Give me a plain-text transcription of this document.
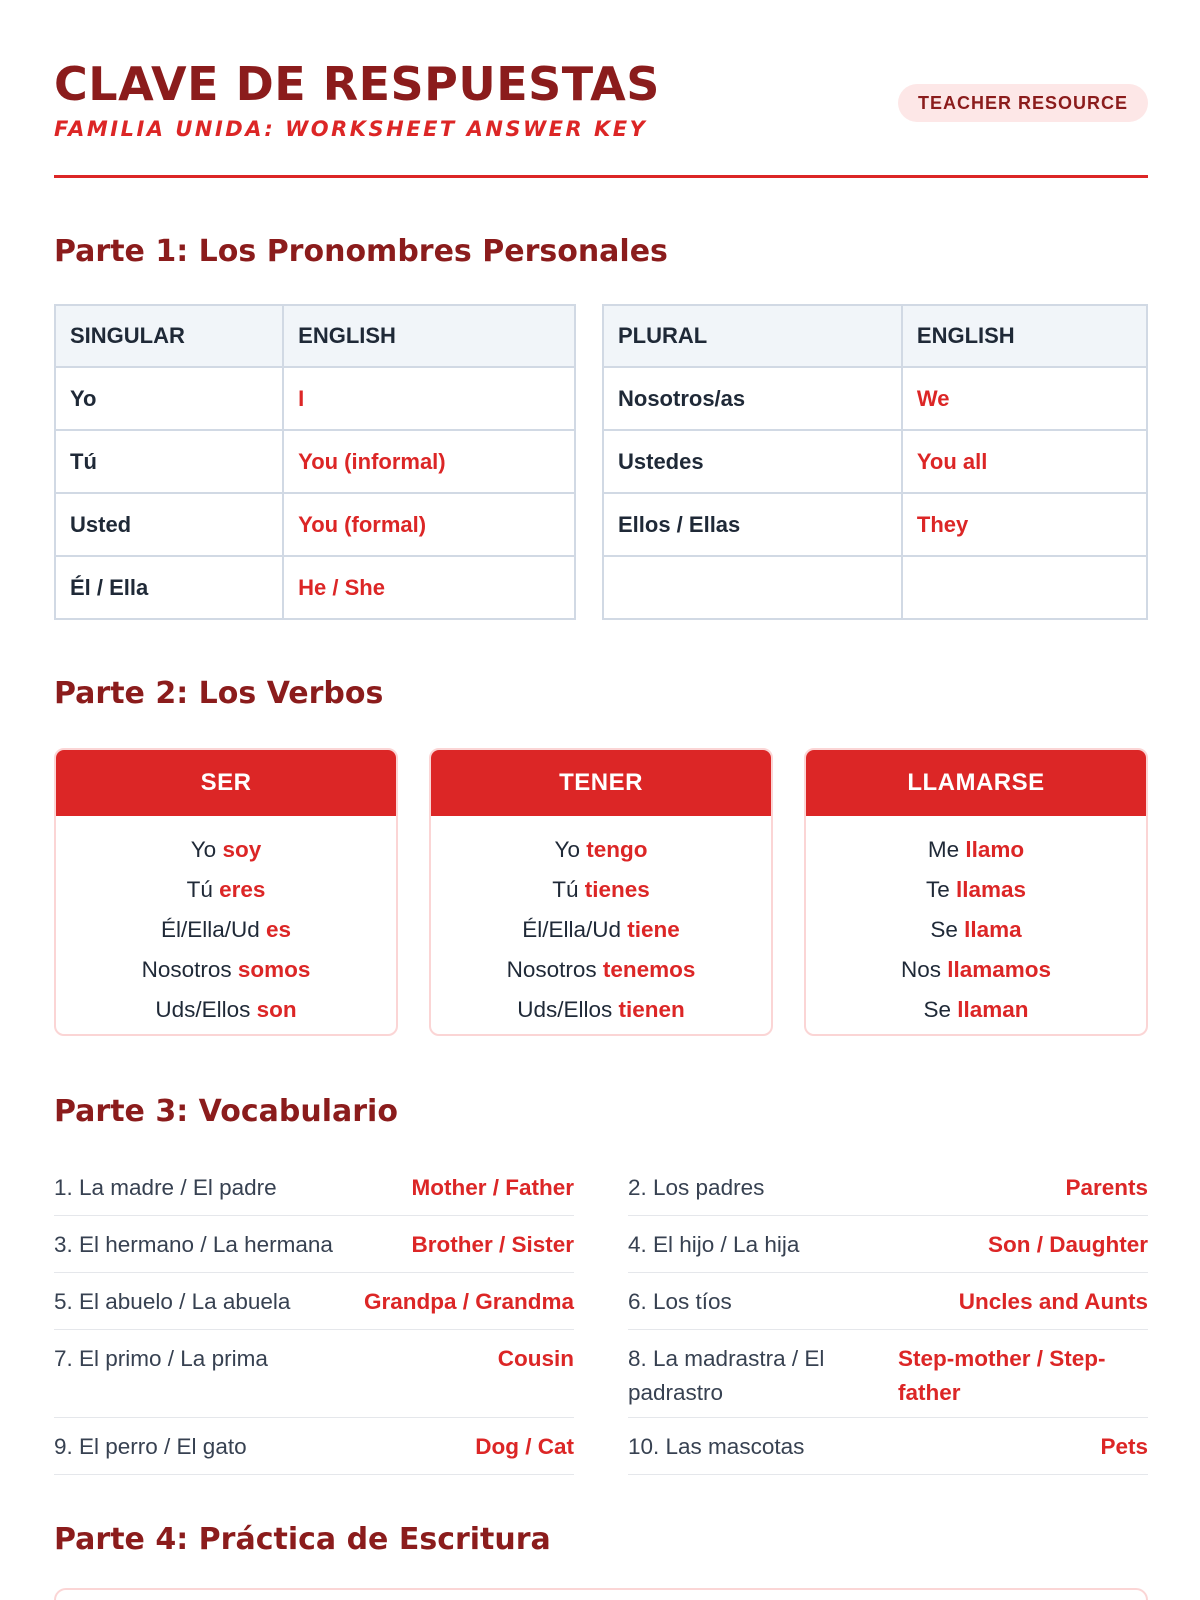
CLAVE DE RESPUESTAS
FAMILIA UNIDA: WORKSHEET ANSWER KEY
TEACHER RESOURCE
Parte 1: Los Pronombres Personales
SINGULAR	ENGLISH
Yo	I
Tú	You (informal)
Usted	You (formal)
Él / Ella	He / She
PLURAL	ENGLISH
Nosotros/as	We
Ustedes	You all
Ellos / Ellas	They

Parte 2: Los Verbos
SER
Yo soy
Tú eres
Él/Ella/Ud es
Nosotros somos
Uds/Ellos son
TENER
Yo tengo
Tú tienes
Él/Ella/Ud tiene
Nosotros tenemos
Uds/Ellos tienen
LLAMARSE
Me llamo
Te llamas
Se llama
Nos llamamos
Se llaman
Parte 3: Vocabulario
1. La madre / El padre	Mother / Father
3. El hermano / La hermana	Brother / Sister
5. El abuelo / La abuela	Grandpa / Grandma
7. El primo / La prima	Cousin
9. El perro / El gato	Dog / Cat
2. Los padres	Parents
4. El hijo / La hija	Son / Daughter
6. Los tíos	Uncles and Aunts
8. La madrastra / El padrastro
Step-mother / Step-father
10. Las mascotas	Pets
Parte 4: Práctica de Escritura
